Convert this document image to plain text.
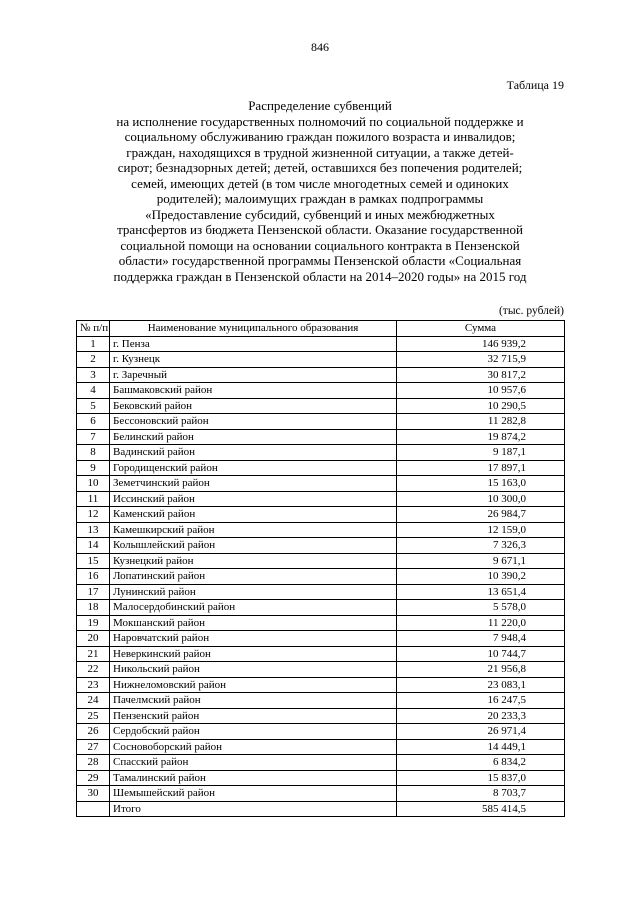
846
Таблица 19
Распределение субвенций
на исполнение государственных полномочий по социальной поддержке и
социальному обслуживанию граждан пожилого возраста и инвалидов;
граждан, находящихся в трудной жизненной ситуации, а также детей-
сирот; безнадзорных детей; детей, оставшихся без попечения родителей;
семей, имеющих детей (в том числе многодетных семей и одиноких
родителей); малоимущих граждан в рамках подпрограммы
«Предоставление субсидий, субвенций и иных межбюджетных
трансфертов из бюджета Пензенской области. Оказание государственной
социальной помощи на основании социального контракта в Пензенской
области» государственной программы Пензенской области «Социальная
поддержка граждан в Пензенской области на 2014–2020 годы» на 2015 год
(тыс. рублей)
№ п/п	Наименование муниципального образования	Сумма
1	г. Пенза	146 939,2
2	г. Кузнецк	32 715,9
3	г. Заречный	30 817,2
4	Башмаковский район	10 957,6
5	Бековский район	10 290,5
6	Бессоновский район	11 282,8
7	Белинский район	19 874,2
8	Вадинский район	9 187,1
9	Городищенский район	17 897,1
10	Земетчинский район	15 163,0
11	Иссинский район	10 300,0
12	Каменский район	26 984,7
13	Камешкирский район	12 159,0
14	Колышлейский район	7 326,3
15	Кузнецкий район	9 671,1
16	Лопатинский район	10 390,2
17	Лунинский район	13 651,4
18	Малосердобинский район	5 578,0
19	Мокшанский район	11 220,0
20	Наровчатский район	7 948,4
21	Неверкинский район	10 744,7
22	Никольский район	21 956,8
23	Нижнеломовский район	23 083,1
24	Пачелмский район	16 247,5
25	Пензенский район	20 233,3
26	Сердобский район	26 971,4
27	Сосновоборский район	14 449,1
28	Спасский район	6 834,2
29	Тамалинский район	15 837,0
30	Шемышейский район	8 703,7
	Итого	585 414,5
